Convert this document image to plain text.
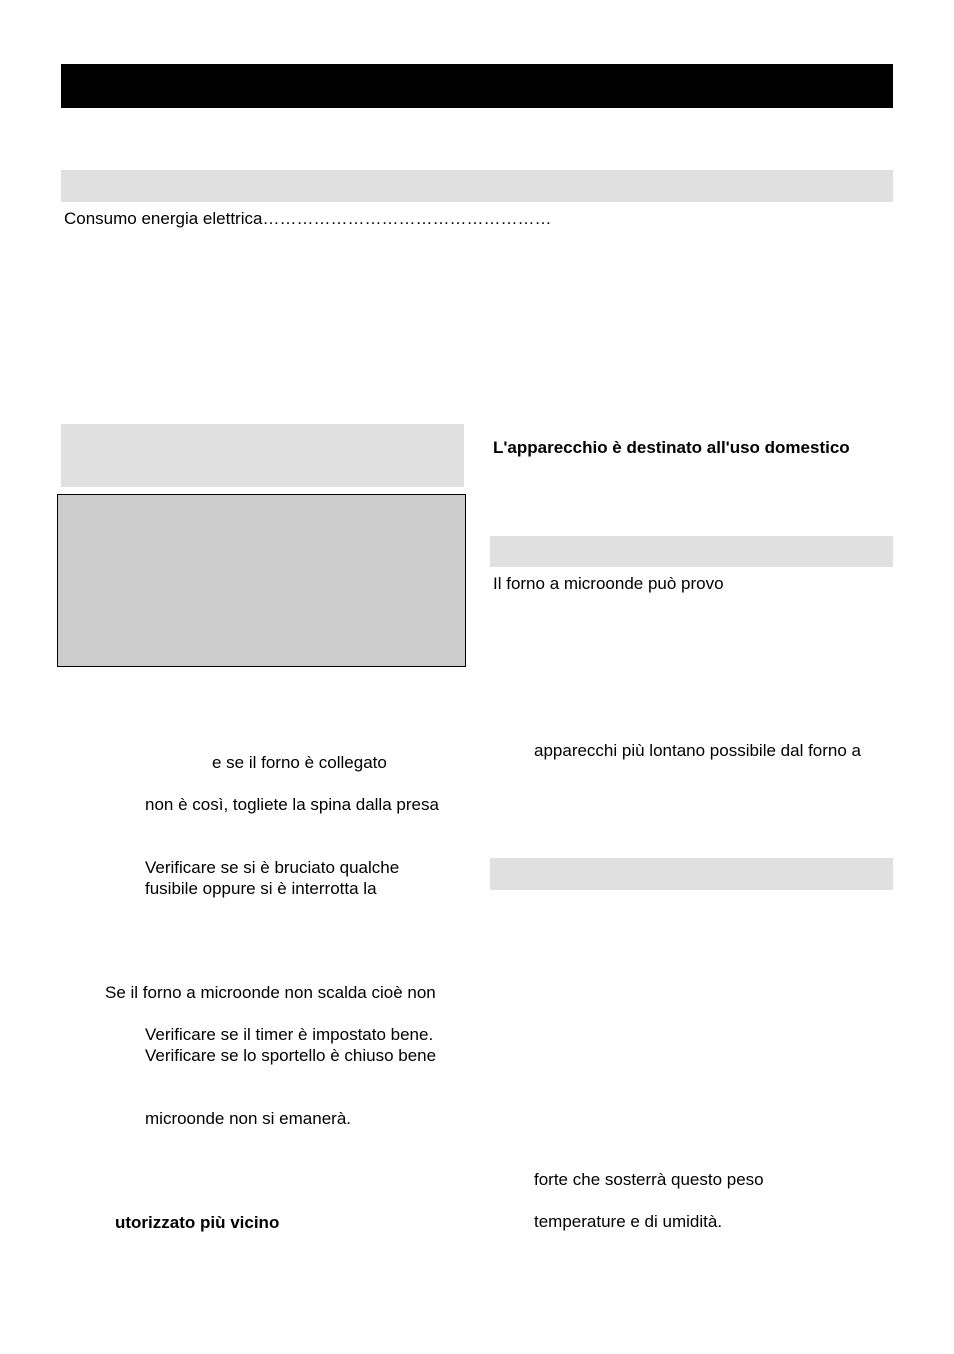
Consumo energia elettrica……………………………………………
e se il forno è collegato
non è così, togliete la spina dalla presa
Verificare se si è bruciato qualche
fusibile oppure si è interrotta la
Se il forno a microonde non scalda cioè non
Verificare se il timer è impostato bene.
Verificare se lo sportello è chiuso bene
microonde non si emanerà.
utorizzato più vicino
L'apparecchio è destinato all'uso domestico
Il forno a microonde può provo
apparecchi più lontano possibile dal forno a
forte che sosterrà questo peso
temperature e di umidità.
